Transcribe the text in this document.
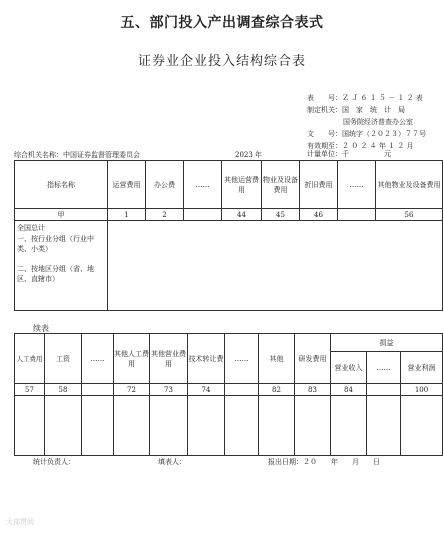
五、部门投入产出调查综合表式
证券业企业投入结构综合表
表　　号：Ｚ Ｊ ６ １ ５ － １ ２ 表
制定机关：国　家　统　计　局
国务院经济普查办公室
文　　号：国统字（２０２３）７７号
有效期至：２ ０ ２ ４ 年 １ ２ 月
综合机关名称：中国证券监督管理委员会	2023 年	计量单位：千　　　　　元
指标名称	运营费用	办公费	……	其他运营费用	物业及设备费用	折旧费用	……	其他物业及设备费用
甲	1	2		44	45	46		56

全国总计
一、按行业分组（行业中类、小类）
二、按地区分组（省、地区、直辖市）								

续表
人工费用	工资	……	其他人工费用	其他营业费用	技术转让费	……	其他	研发费用	损益		
									营业收入	……	营业利润
57	58		72	73	74		82	83	84		100

统计负责人：	填表人：	报出日期：２０　　年　　月　　日
大部贯阅
